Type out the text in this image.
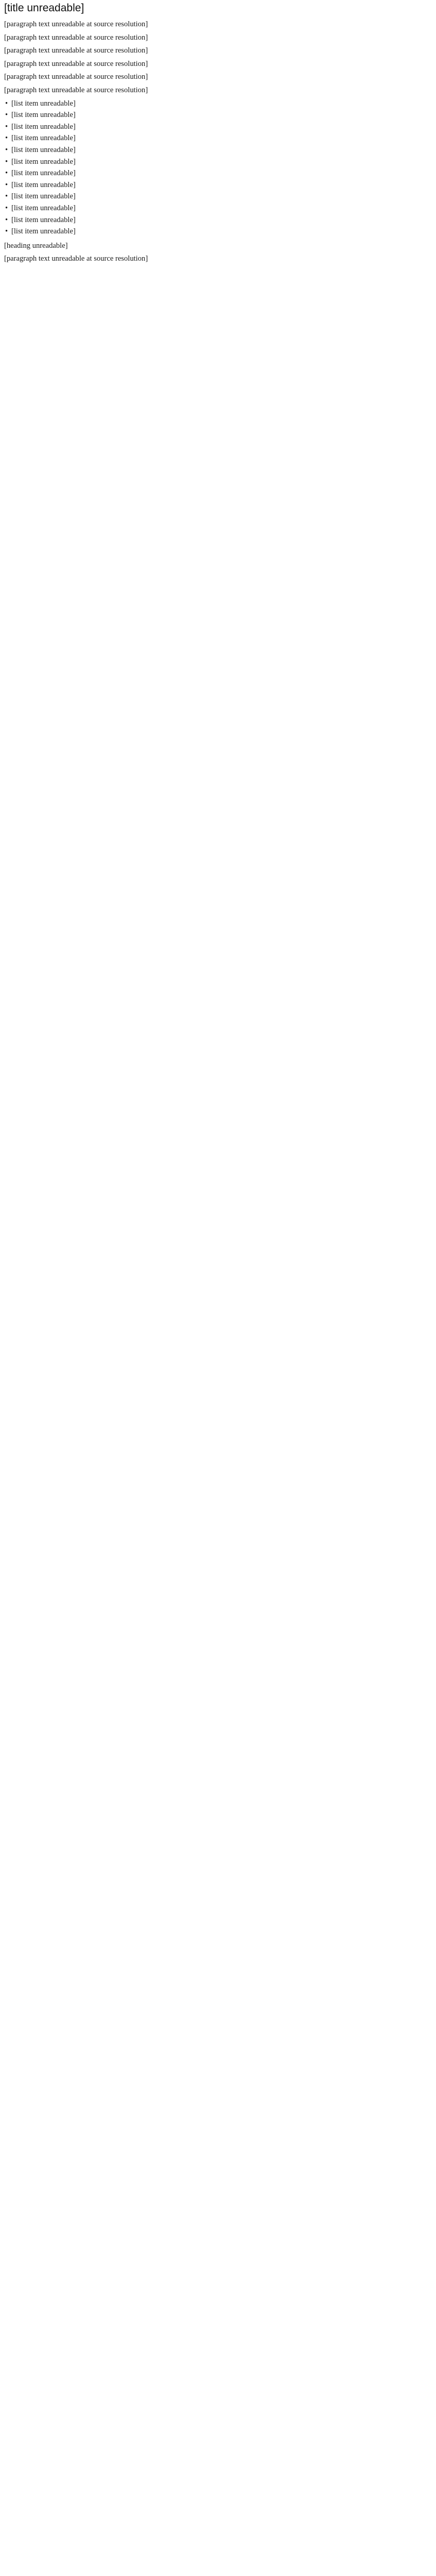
[title unreadable]

[paragraph text unreadable at source resolution]

[paragraph text unreadable at source resolution]

[paragraph text unreadable at source resolution]

[paragraph text unreadable at source resolution]

[paragraph text unreadable at source resolution]

[paragraph text unreadable at source resolution]

• [list item unreadable]
• [list item unreadable]
• [list item unreadable]
• [list item unreadable]
• [list item unreadable]
• [list item unreadable]
• [list item unreadable]
• [list item unreadable]
• [list item unreadable]
• [list item unreadable]
• [list item unreadable]
• [list item unreadable]

[heading unreadable]

[paragraph text unreadable at source resolution]
